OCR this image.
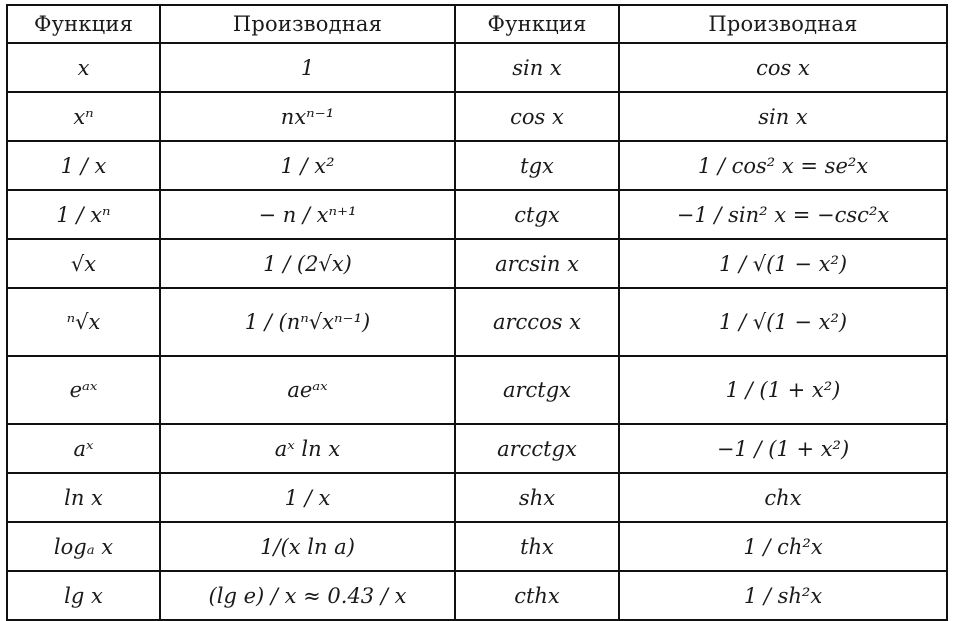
Функция	Производная	Функция	Производная
x	1	sin x	cos x
xⁿ	nxⁿ⁻¹	cos x	sin x
1 / x	1 / x²	tgx	1 / cos² x = se²x
1 / xⁿ	− n / xⁿ⁺¹	ctgx	−1 / sin² x = −csc²x
√x	1 / (2√x)	arcsin x	1 / √(1 − x²)
ⁿ√x	1 / (nⁿ√xⁿ⁻¹)	arccos x	1 / √(1 − x²)
eᵃˣ	aeᵃˣ	arctgx	1 / (1 + x²)
aˣ	aˣ ln x	arcctgx	−1 / (1 + x²)
ln x	1 / x	shx	chx
logₐ x	1/(x ln a)	thx	1 / ch²x
lg x	(lg e) / x ≈ 0.43 / x	cthx	1 / sh²x
